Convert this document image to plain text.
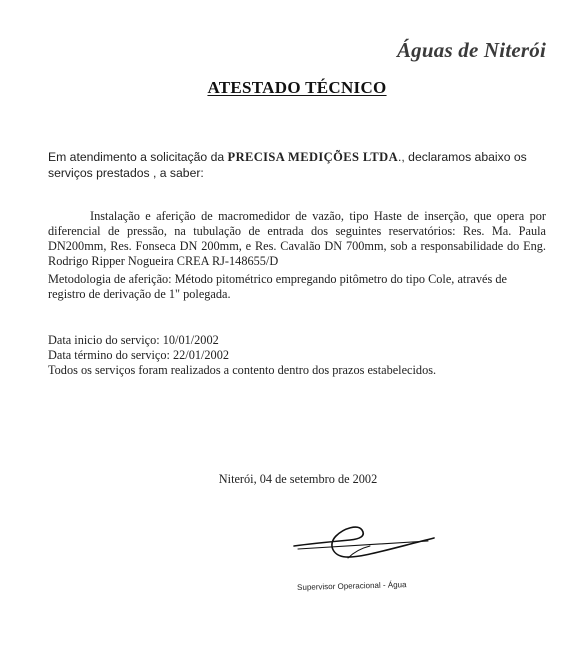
Águas de Niterói
ATESTADO TÉCNICO
Em atendimento a solicitação da PRECISA MEDIÇÕES LTDA., declaramos abaixo os serviços prestados , a saber:
Instalação e aferição de macromedidor de vazão, tipo Haste de inserção, que opera por diferencial de pressão, na tubulação de entrada dos seguintes reservatórios: Res. Ma. Paula DN200mm, Res. Fonseca DN 200mm, e Res. Cavalão DN 700mm, sob a responsabilidade do Eng. Rodrigo Ripper Nogueira CREA RJ-148655/D
Metodologia de aferição: Método pitométrico empregando pitômetro do tipo Cole, através de registro de derivação de 1" polegada.
Data inicio do serviço: 10/01/2002
Data término do serviço: 22/01/2002
Todos os serviços foram realizados a contento dentro dos prazos estabelecidos.
Niterói, 04 de setembro de 2002
Supervisor Operacional - Água
